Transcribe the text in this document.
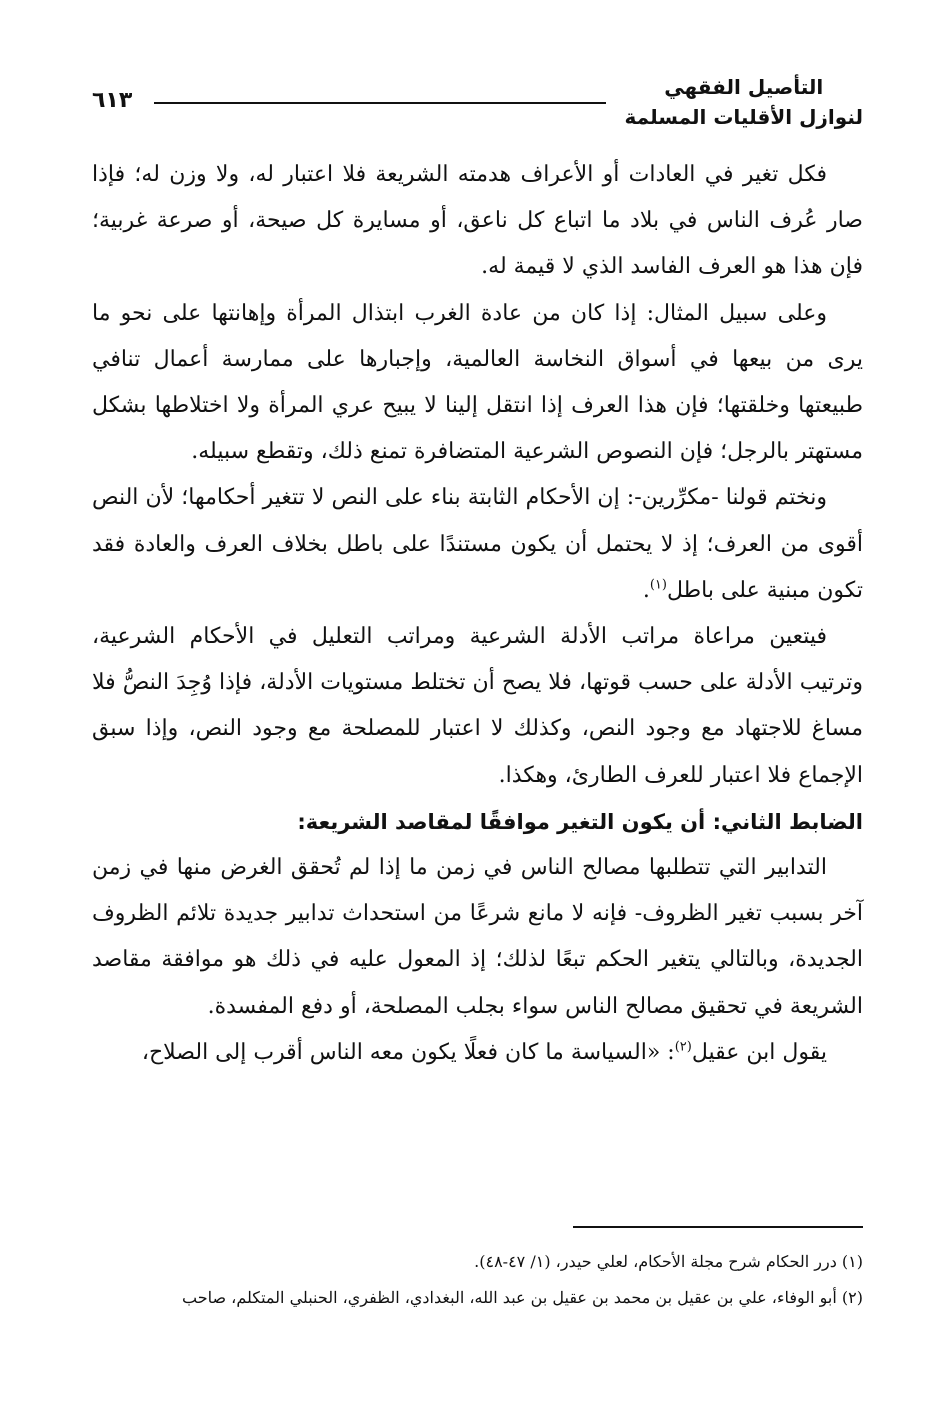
التأصيل الفقهي
لنوازل الأقليات المسلمة
٦١٣

فكل تغير في العادات أو الأعراف هدمته الشريعة فلا اعتبار له، ولا وزن له؛ فإذا صار عُرف الناس في بلاد ما اتباع كل ناعق، أو مسايرة كل صيحة، أو صرعة غربية؛ فإن هذا هو العرف الفاسد الذي لا قيمة له.

وعلى سبيل المثال: إذا كان من عادة الغرب ابتذال المرأة وإهانتها على نحو ما يرى من بيعها في أسواق النخاسة العالمية، وإجبارها على ممارسة أعمال تنافي طبيعتها وخلقتها؛ فإن هذا العرف إذا انتقل إلينا لا يبيح عري المرأة ولا اختلاطها بشكل مستهتر بالرجل؛ فإن النصوص الشرعية المتضافرة تمنع ذلك، وتقطع سبيله.

ونختم قولنا -مكرِّرين-: إن الأحكام الثابتة بناء على النص لا تتغير أحكامها؛ لأن النص أقوى من العرف؛ إذ لا يحتمل أن يكون مستندًا على باطل بخلاف العرف والعادة فقد تكون مبنية على باطل$^{(١)}$.

فيتعين مراعاة مراتب الأدلة الشرعية ومراتب التعليل في الأحكام الشرعية، وترتيب الأدلة على حسب قوتها، فلا يصح أن تختلط مستويات الأدلة، فإذا وُجِدَ النصُّ فلا مساغ للاجتهاد مع وجود النص، وكذلك لا اعتبار للمصلحة مع وجود النص، وإذا سبق الإجماع فلا اعتبار للعرف الطارئ، وهكذا.

الضابط الثاني: أن يكون التغير موافقًا لمقاصد الشريعة:

التدابير التي تتطلبها مصالح الناس في زمن ما إذا لم تُحقق الغرض منها في زمن آخر بسبب تغير الظروف- فإنه لا مانع شرعًا من استحداث تدابير جديدة تلائم الظروف الجديدة، وبالتالي يتغير الحكم تبعًا لذلك؛ إذ المعول عليه في ذلك هو موافقة مقاصد الشريعة في تحقيق مصالح الناس سواء بجلب المصلحة، أو دفع المفسدة.

يقول ابن عقيل$^{(٢)}$: «السياسة ما كان فعلًا يكون معه الناس أقرب إلى الصلاح،

(١) درر الحكام شرح مجلة الأحكام، لعلي حيدر، (١/ ٤٧-٤٨).

(٢) أبو الوفاء، علي بن عقيل بن محمد بن عقيل بن عبد الله، البغدادي، الظفري، الحنبلي المتكلم، صاحب
